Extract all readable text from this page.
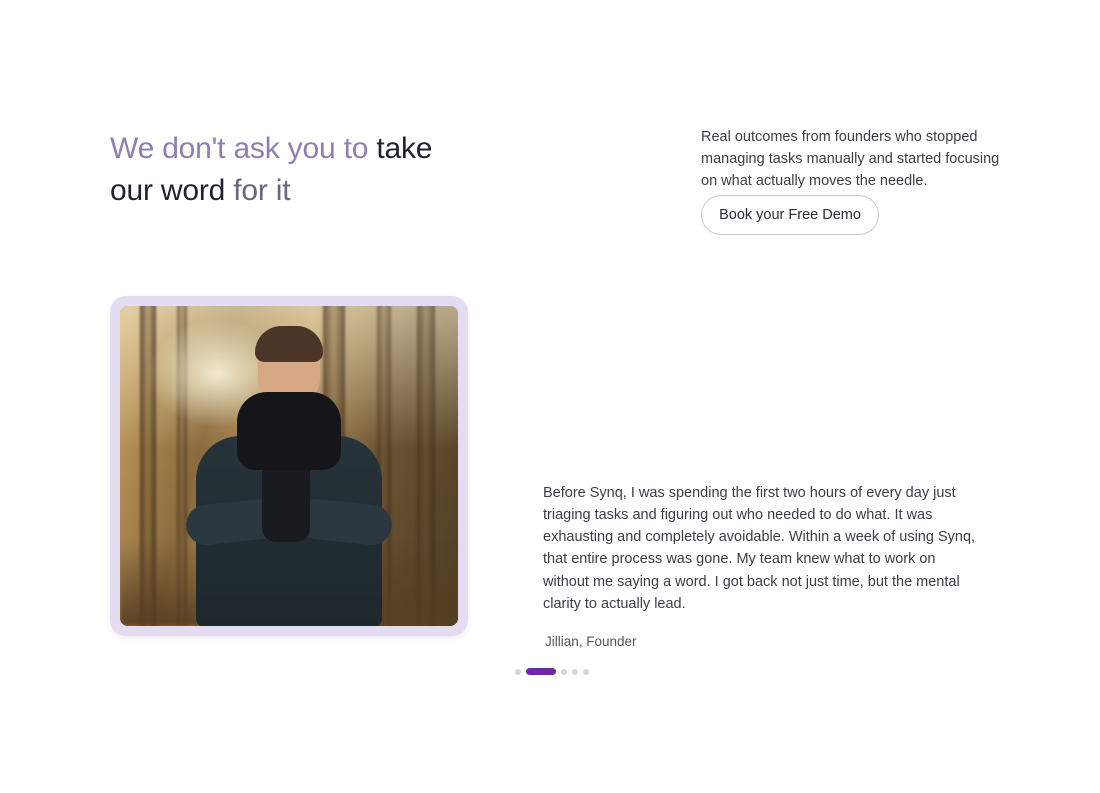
We don't ask you to take
our word for it

Real outcomes from founders who stopped managing tasks manually and started focusing on what actually moves the needle.

Book your Free Demo

Before Synq, I was spending the first two hours of every day just triaging tasks and figuring out who needed to do what. It was exhausting and completely avoidable. Within a week of using Synq, that entire process was gone. My team knew what to work on without me saying a word. I got back not just time, but the mental clarity to actually lead.

Jillian, Founder
